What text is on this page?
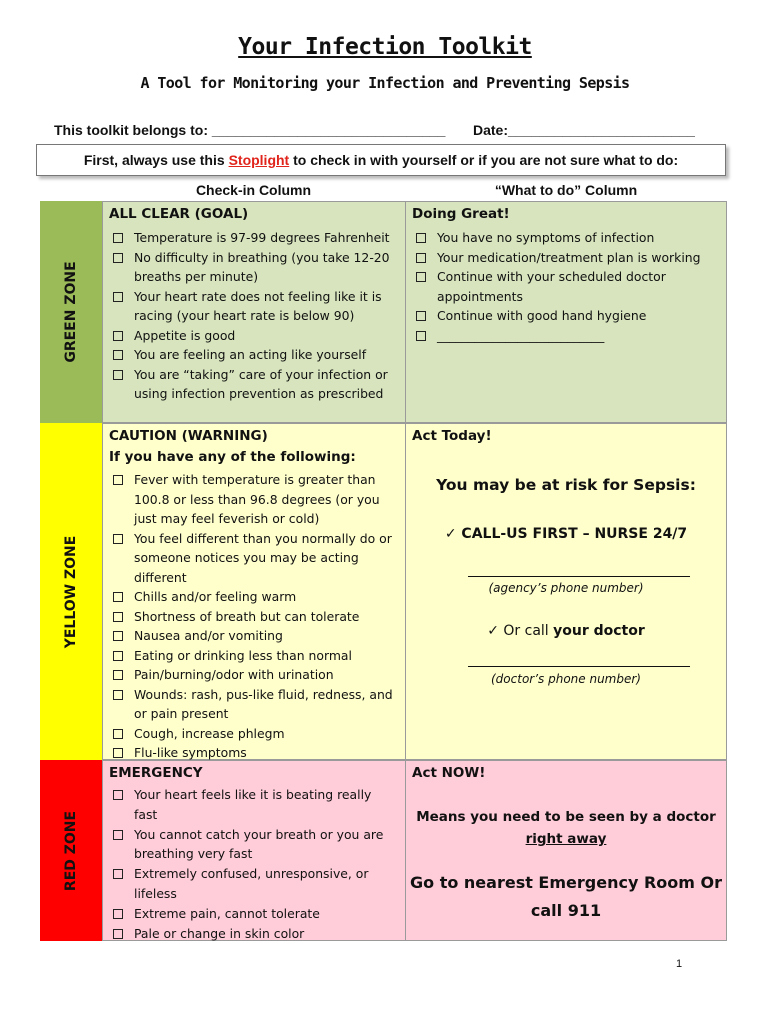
Your Infection Toolkit
A Tool for Monitoring your Infection and Preventing Sepsis
This toolkit belongs to: ______________________________ Date:________________________
First, always use this Stoplight to check in with yourself or if you are not sure what to do:
Check-in Column	“What to do” Column
GREEN ZONE
ALL CLEAR (GOAL)
Temperature is 97-99 degrees Fahrenheit
No difficulty in breathing (you take 12-20 breaths per minute)
Your heart rate does not feeling like it is racing (your heart rate is below 90)
Appetite is good
You are feeling an acting like yourself
You are “taking” care of your infection or using infection prevention as prescribed
Doing Great!
You have no symptoms of infection
Your medication/treatment plan is working
Continue with your scheduled doctor appointments
Continue with good hand hygiene
___________________________
YELLOW ZONE
CAUTION (WARNING)
If you have any of the following:
Fever with temperature is greater than 100.8 or less than 96.8 degrees (or you just may feel feverish or cold)
You feel different than you normally do or someone notices you may be acting different
Chills and/or feeling warm
Shortness of breath but can tolerate
Nausea and/or vomiting
Eating or drinking less than normal
Pain/burning/odor with urination
Wounds: rash, pus-like fluid, redness, and or pain present
Cough, increase phlegm
Flu-like symptoms
Act Today!
You may be at risk for Sepsis:
✓ CALL-US FIRST – NURSE 24/7
(agency’s phone number)
✓ Or call your doctor
(doctor’s phone number)
RED ZONE
EMERGENCY
Your heart feels like it is beating really fast
You cannot catch your breath or you are breathing very fast
Extremely confused, unresponsive, or lifeless
Extreme pain, cannot tolerate
Pale or change in skin color
Act NOW!
Means you need to be seen by a doctor
right away
Go to nearest Emergency Room Or
call 911
1
